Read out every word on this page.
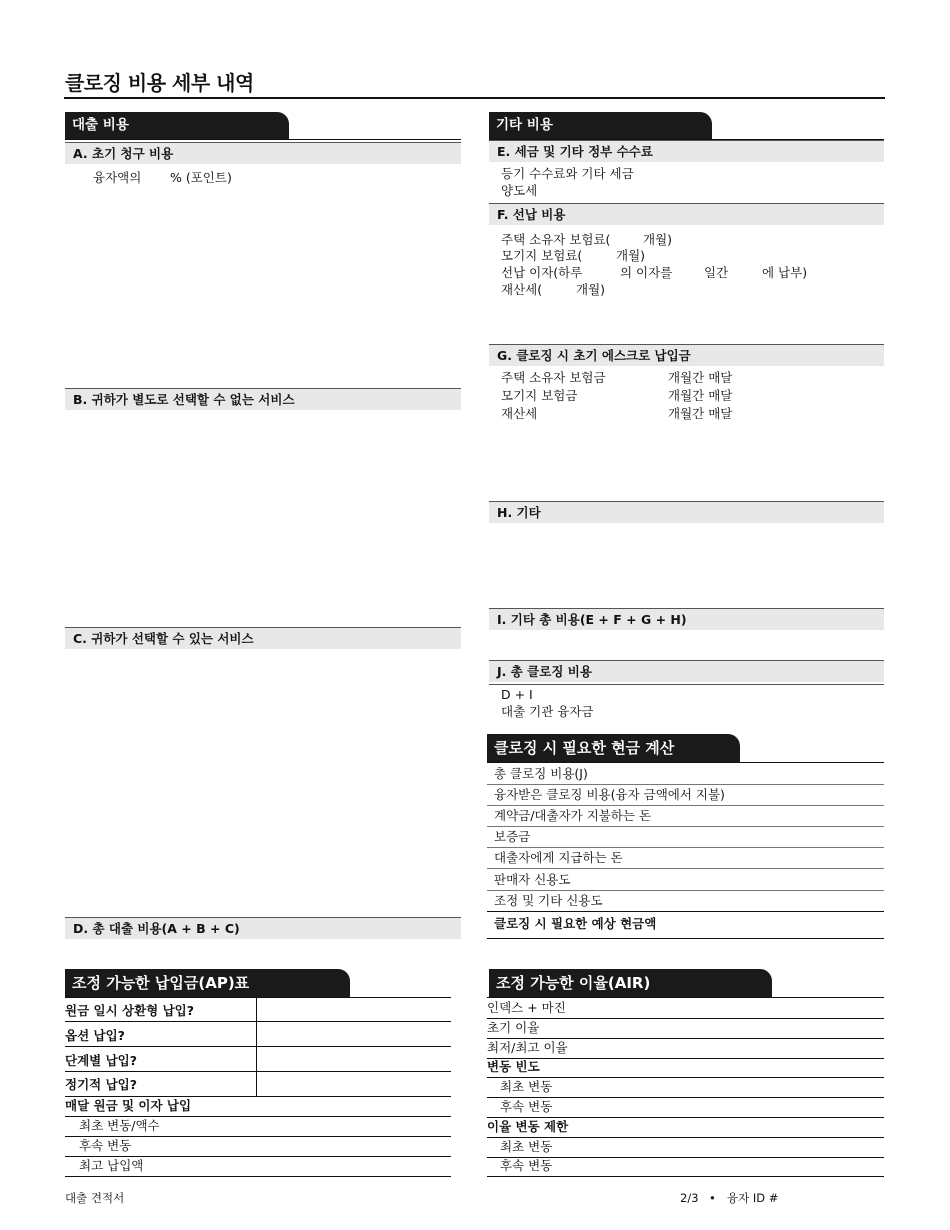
클로징 비용 세부 내역
대출 비용
A. 초기 청구 비용
융자액의 % (포인트)
B. 귀하가 별도로 선택할 수 없는 서비스
C. 귀하가 선택할 수 있는 서비스
D. 총 대출 비용(A + B + C)
기타 비용
E. 세금 및 기타 정부 수수료
등기 수수료와 기타 세금
양도세
F. 선납 비용
주택 소유자 보험료(	개월)
모기지 보험료(	개월)
선납 이자(하루	의 이자를	일간	에 납부)
재산세(	개월)
G. 클로징 시 초기 에스크로 납입금
주택 소유자 보험금	개월간 매달
모기지 보험금	개월간 매달
재산세	개월간 매달
H. 기타
I. 기타 총 비용(E + F + G + H)
J. 총 클로징 비용
D + I
대출 기관 융자금
클로징 시 필요한 현금 계산
총 클로징 비용(J)
융자받은 클로징 비용(융자 금액에서 지불)
계약금/대출자가 지불하는 돈
보증금
대출자에게 지급하는 돈
판매자 신용도
조정 및 기타 신용도
클로징 시 필요한 예상 현금액
조정 가능한 납입금(AP)표
원금 일시 상환형 납입?
옵션 납입?
단계별 납입?
정기적 납입?
매달 원금 및 이자 납입
최초 변동/액수
후속 변동
최고 납입액
조정 가능한 이율(AIR)
인덱스 + 마진
초기 이율
최저/최고 이율
변동 빈도
최초 변동
후속 변동
이율 변동 제한
최초 변동
후속 변동
대출 견적서	2/3 • 융자 ID #
